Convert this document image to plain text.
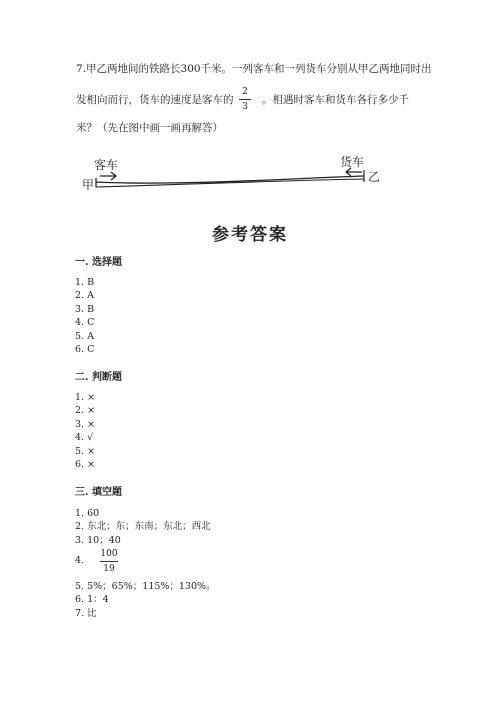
7.甲乙两地间的铁路长300千米。一列客车和一列货车分别从甲乙两地同时出
发相向而行，货车的速度是客车的
2
3
。相遇时客车和货车各行多少千
米？（先在图中画一画再解答）
客车	货车
甲
乙
参考答案
一. 选择题
1. B
2. A
3. B
4. C
5. A
6. C
二. 判断题
1. ×
2. ×
3. ×
4. √
5. ×
6. ×
三. 填空题
1. 60
2. 东北；东；东南；东北；西北
3. 10；40
4.
100
19
5. 5%；65%；115%；130%。
6. 1：4
7. 比
